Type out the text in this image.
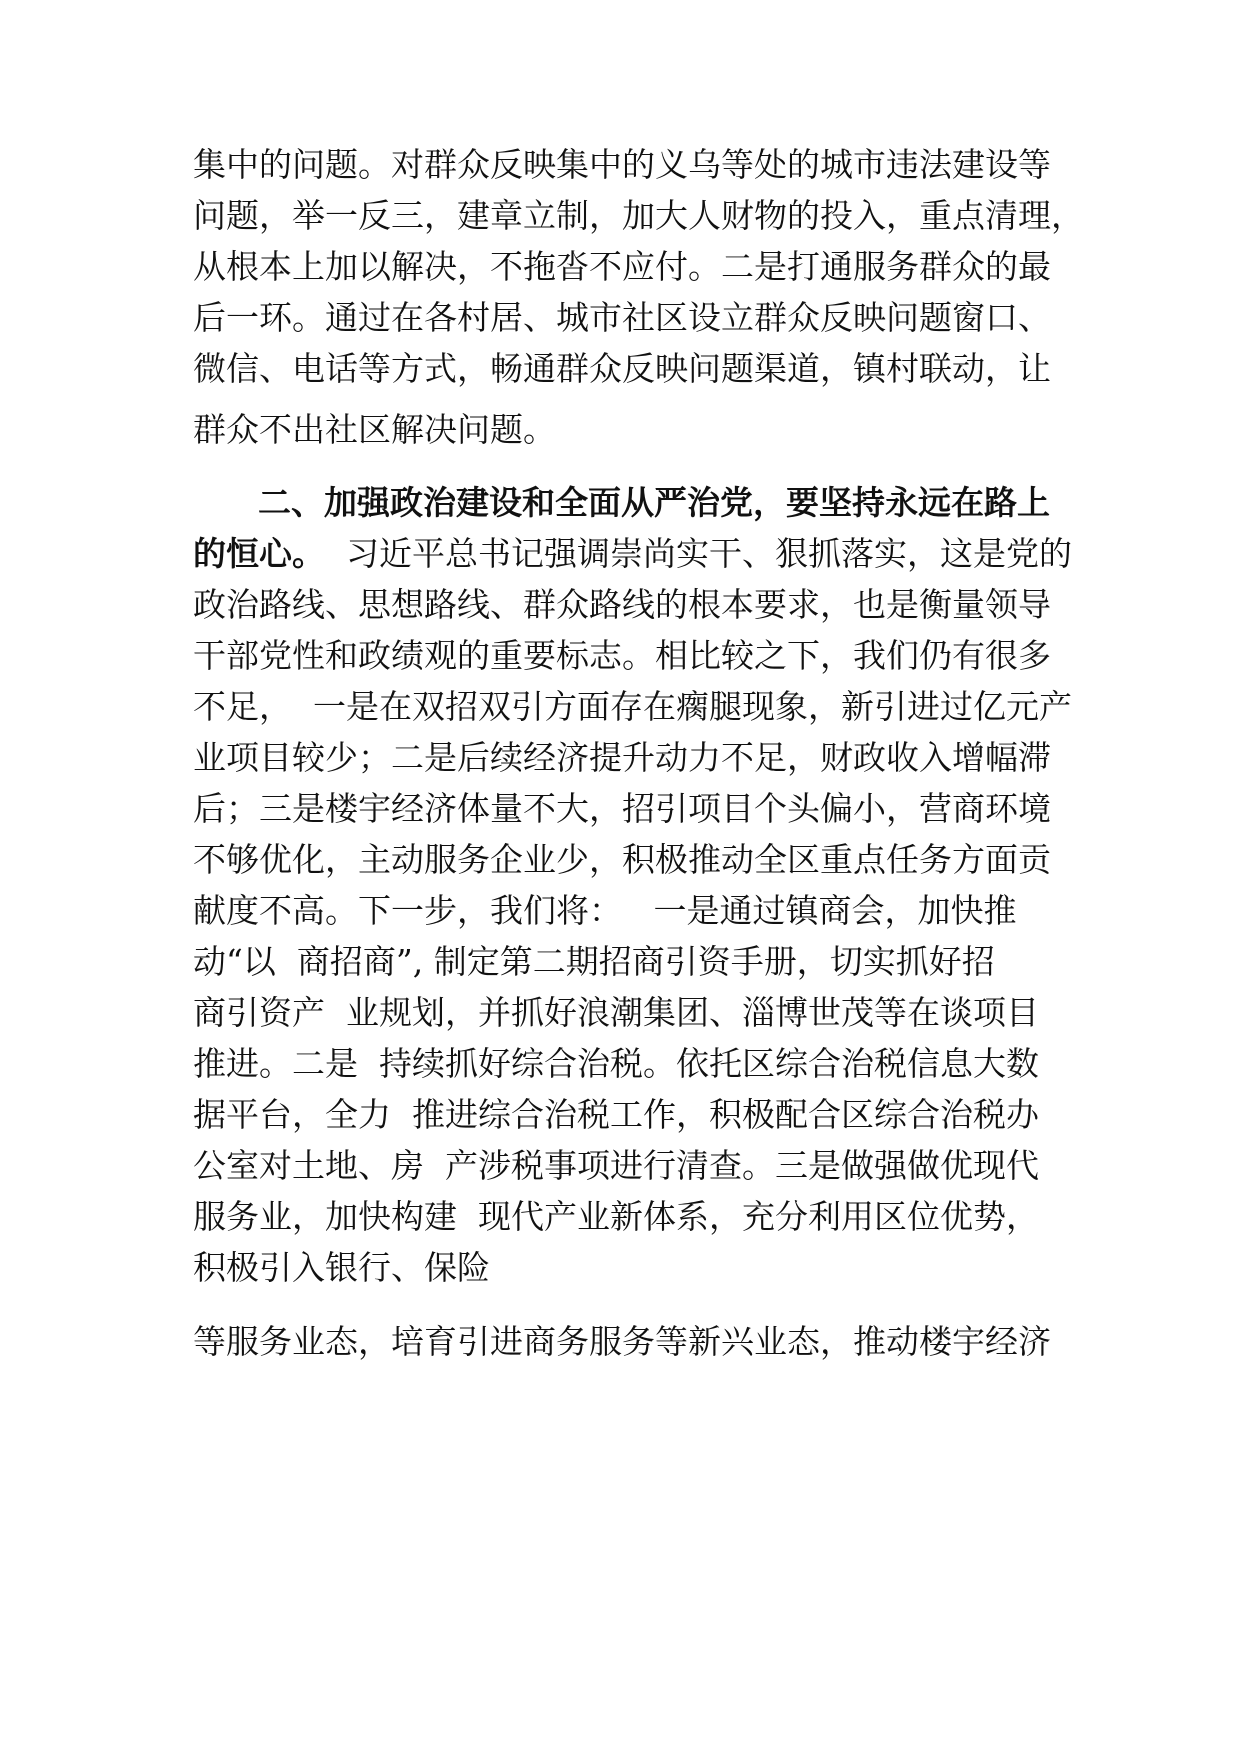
集中的问题。对群众反映集中的义乌等处的城市违法建设等
问题，举一反三，建章立制，加大人财物的投入，重点清理，
从根本上加以解决，不拖沓不应付。二是打通服务群众的最
后一环。通过在各村居、城市社区设立群众反映问题窗口、
微信、电话等方式，畅通群众反映问题渠道，镇村联动，让
群众不出社区解决问题。
二、加强政治建设和全面从严治党，要坚持永远在路上
的恒心。  习近平总书记强调崇尚实干、狠抓落实，这是党的
政治路线、思想路线、群众路线的根本要求，也是衡量领导
干部党性和政绩观的重要标志。相比较之下，我们仍有很多
不足，  一是在双招双引方面存在瘸腿现象，新引进过亿元产
业项目较少；二是后续经济提升动力不足，财政收入增幅滞
后；三是楼宇经济体量不大，招引项目个头偏小，营商环境
不够优化，主动服务企业少，积极推动全区重点任务方面贡
献度不高。下一步，我们将：   一是通过镇商会，加快推
动“以  商招商”, 制定第二期招商引资手册，切实抓好招
商引资产  业规划，并抓好浪潮集团、淄博世茂等在谈项目
推进。二是  持续抓好综合治税。依托区综合治税信息大数
据平台，全力  推进综合治税工作，积极配合区综合治税办
公室对土地、房  产涉税事项进行清查。三是做强做优现代
服务业，加快构建  现代产业新体系，充分利用区位优势，
积极引入银行、保险
等服务业态，培育引进商务服务等新兴业态，推动楼宇经济
